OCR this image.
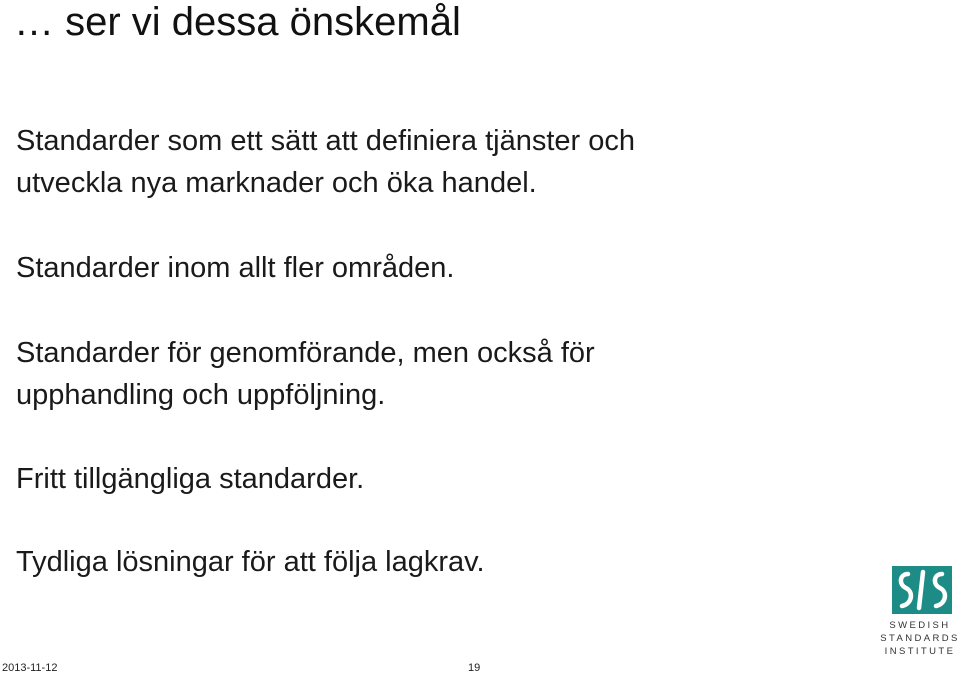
… ser vi dessa önskemål
Standarder som ett sätt att definiera tjänster och
utveckla nya marknader och öka handel.
Standarder inom allt fler områden.
Standarder för genomförande, men också för
upphandling och uppföljning.
Fritt tillgängliga standarder.
Tydliga lösningar för att följa lagkrav.
2013-11-12	19
SWEDISH
STANDARDS
INSTITUTE
